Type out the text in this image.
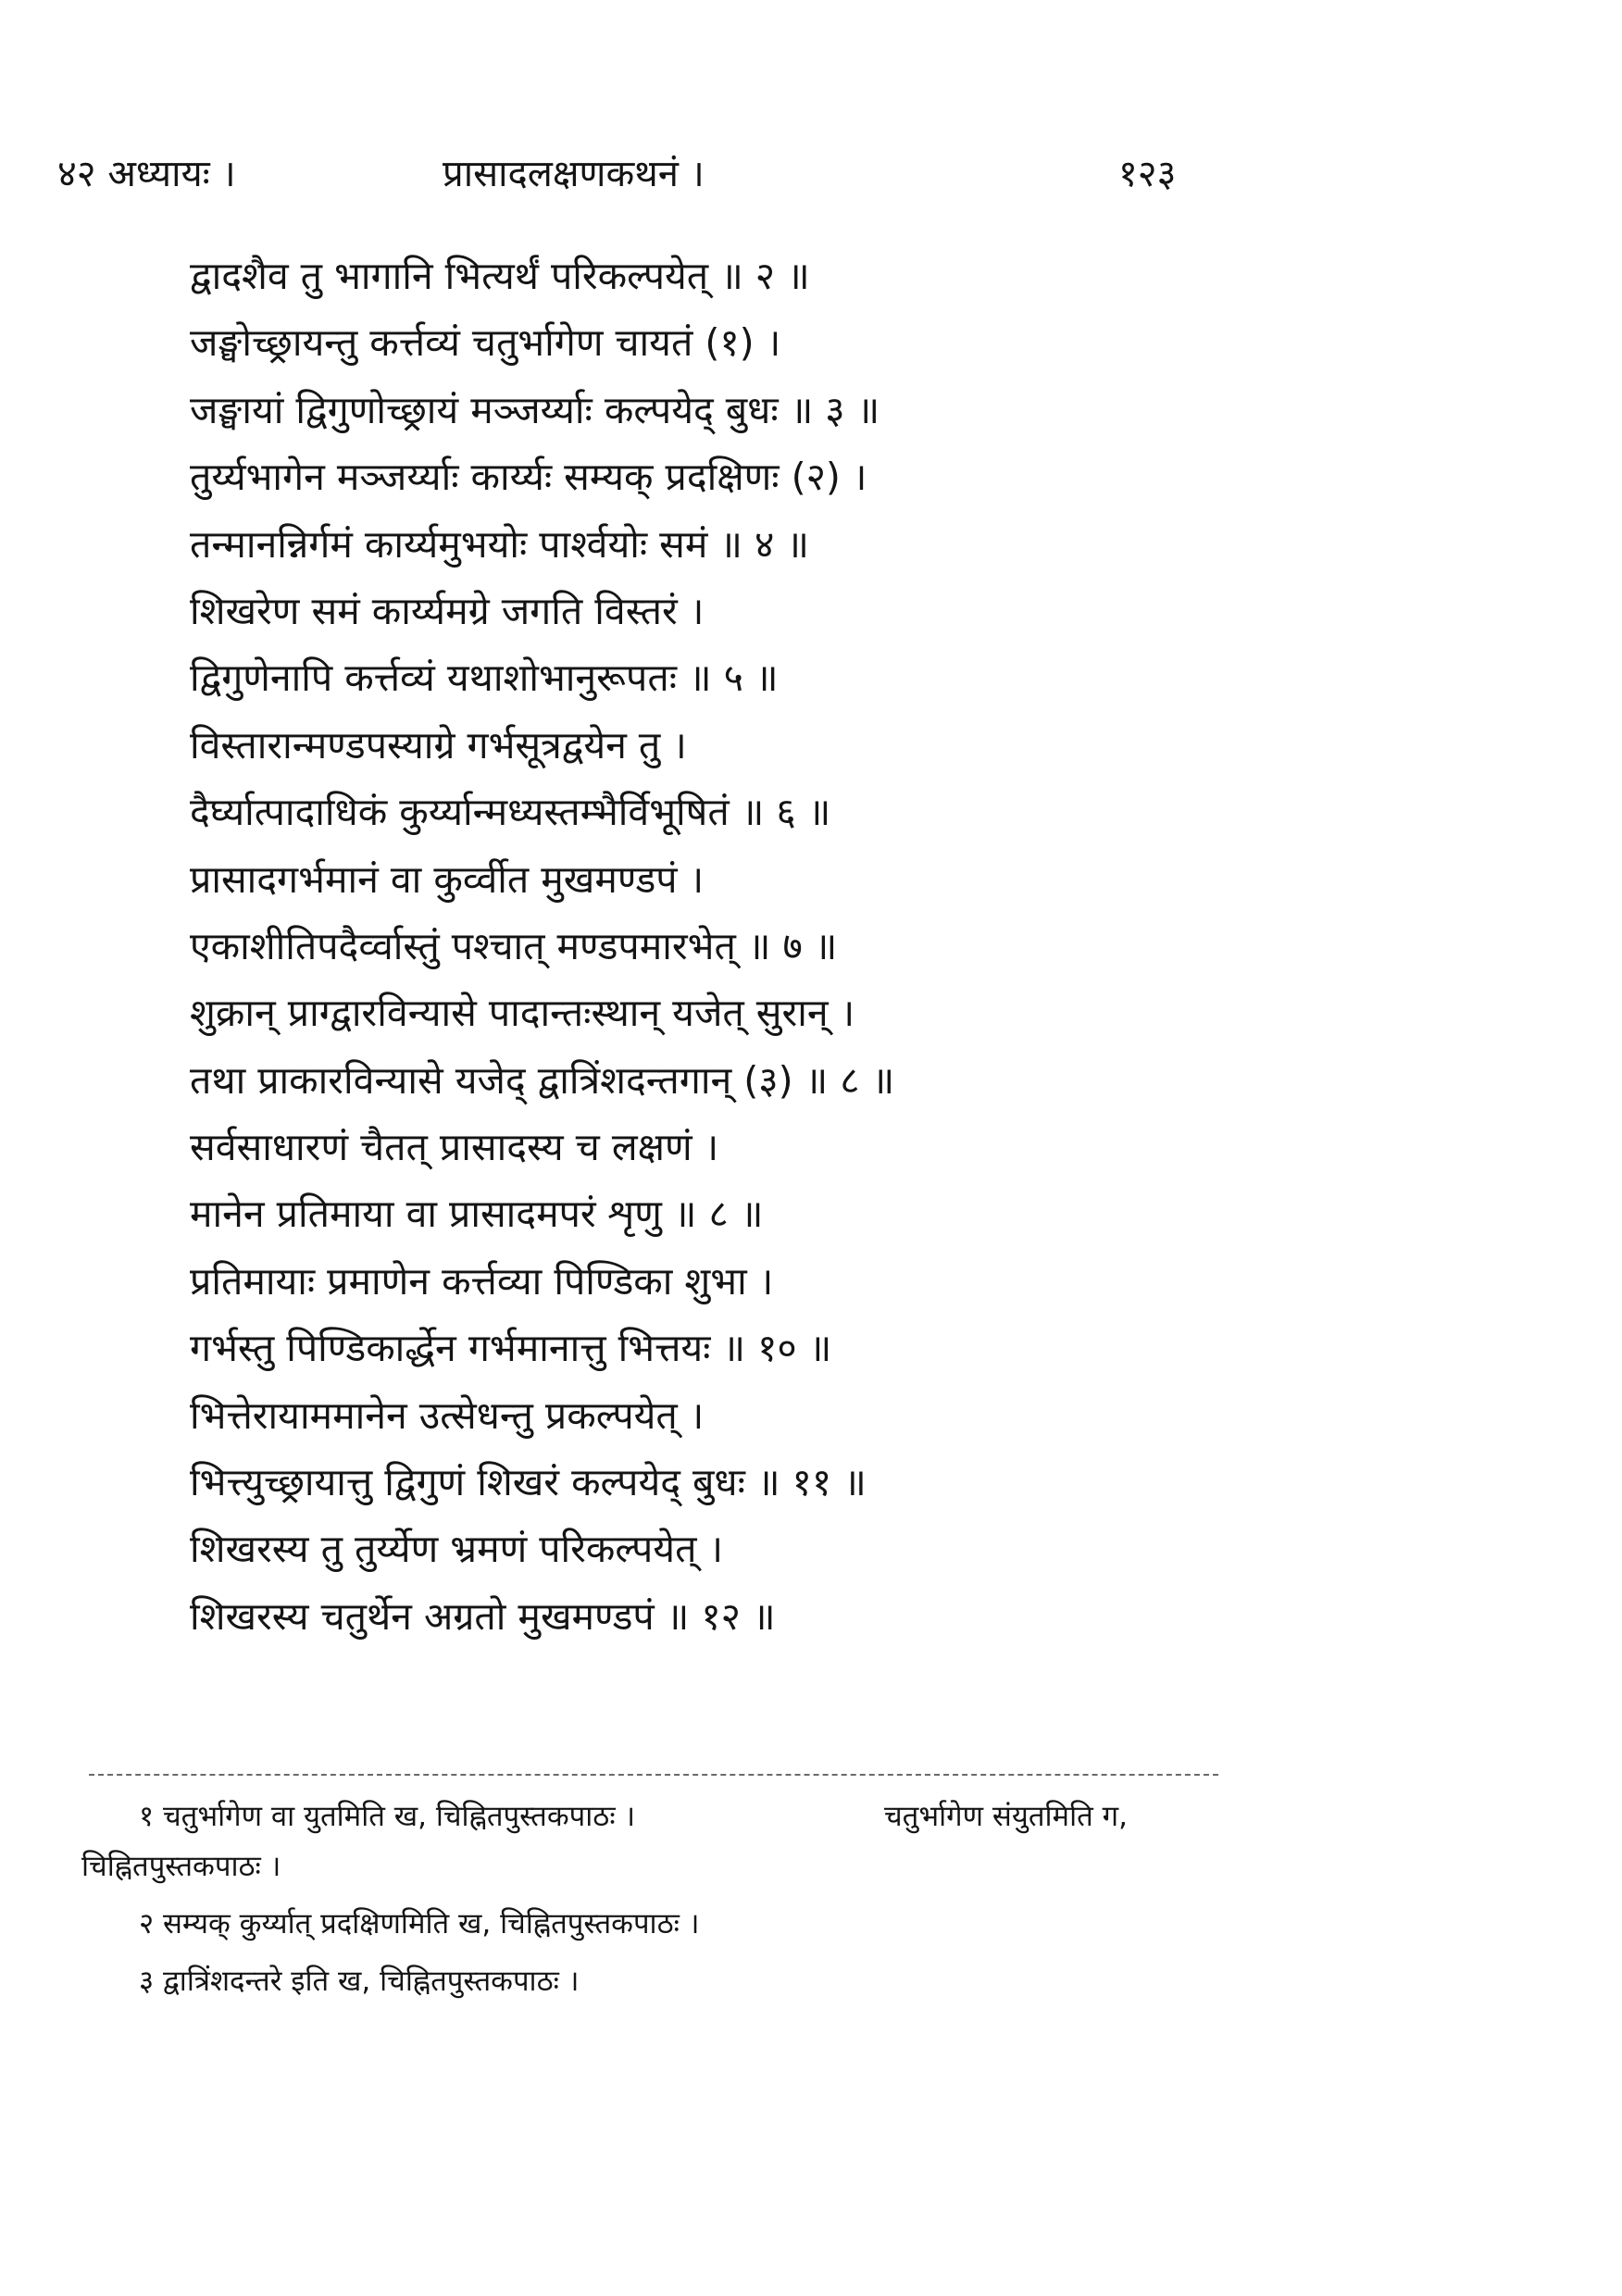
४२ अध्यायः ।	प्रासादलक्षणकथनं ।	१२३
द्वादशैव तु भागानि भित्यर्थं परिकल्पयेत् ॥ २ ॥
जङ्घोच्छ्रायन्तु कर्त्तव्यं चतुर्भागेण चायतं (१) ।
जङ्घायां द्विगुणोच्छ्रायं मञ्जर्य्याः कल्पयेद् बुधः ॥ ३ ॥
तुर्य्यभागेन मञ्जर्य्याः कार्य्यः सम्यक् प्रदक्षिणः (२) ।
तन्मानन्निर्गमं कार्य्यमुभयोः पार्श्वयोः समं ॥ ४ ॥
शिखरेण समं कार्य्यमग्रे जगति विस्तरं ।
द्विगुणेनापि कर्त्तव्यं यथाशोभानुरूपतः ॥ ५ ॥
विस्तारान्मण्डपस्याग्रे गर्भसूत्रद्वयेन तु ।
दैर्घ्यात्पादाधिकं कुर्य्यान्मध्यस्तम्भैर्विभूषितं ॥ ६ ॥
प्रासादगर्भमानं वा कुर्व्वीत मुखमण्डपं ।
एकाशीतिपदैर्व्वास्तुं पश्चात् मण्डपमारभेत् ॥ ७ ॥
शुक्रान् प्राग्द्वारविन्यासे पादान्तःस्थान् यजेत् सुरान् ।
तथा प्राकारविन्यासे यजेद् द्वात्रिंशदन्तगान् (३) ॥ ८ ॥
सर्वसाधारणं चैतत् प्रासादस्य च लक्षणं ।
मानेन प्रतिमाया वा प्रासादमपरं शृणु ॥ ८ ॥
प्रतिमायाः प्रमाणेन कर्त्तव्या पिण्डिका शुभा ।
गर्भस्तु पिण्डिकार्द्धेन गर्भमानात्तु भित्तयः ॥ १० ॥
भित्तेरायाममानेन उत्सेधन्तु प्रकल्पयेत् ।
भित्त्युच्छ्रायात्तु द्विगुणं शिखरं कल्पयेद् बुधः ॥ ११ ॥
शिखरस्य तु तुर्य्येण भ्रमणं परिकल्पयेत् ।
शिखरस्य चतुर्थेन अग्रतो मुखमण्डपं ॥ १२ ॥
१ चतुर्भागेण वा युतमिति ख, चिह्नितपुस्तकपाठः ।	चतुर्भागेण संयुतमिति ग,
चिह्नितपुस्तकपाठः ।
२ सम्यक् कुर्य्यात् प्रदक्षिणमिति ख, चिह्नितपुस्तकपाठः ।
३ द्वात्रिंशदन्तरे इति ख, चिह्नितपुस्तकपाठः ।
